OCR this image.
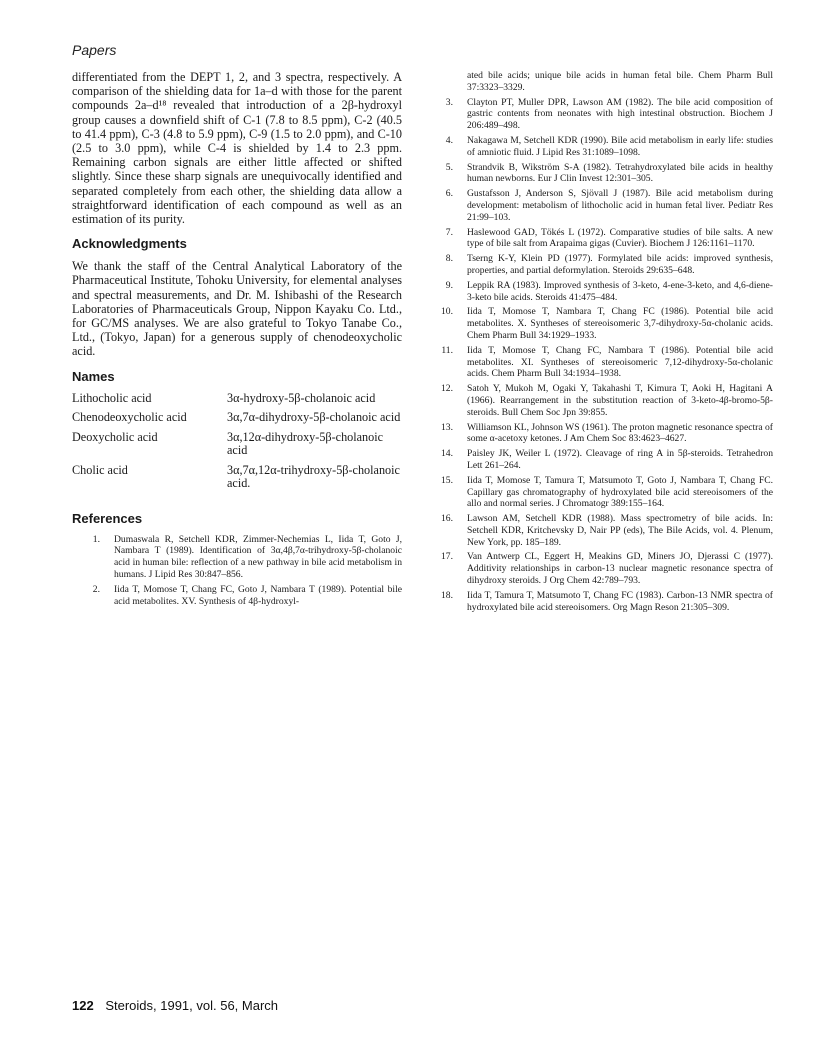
Papers

differentiated from the DEPT 1, 2, and 3 spectra, respectively. A comparison of the shielding data for 1a–d with those for the parent compounds 2a–d¹⁸ revealed that introduction of a 2β-hydroxyl group causes a downfield shift of C-1 (7.8 to 8.5 ppm), C-2 (40.5 to 41.4 ppm), C-3 (4.8 to 5.9 ppm), C-9 (1.5 to 2.0 ppm), and C-10 (2.5 to 3.0 ppm), while C-4 is shielded by 1.4 to 2.3 ppm. Remaining carbon signals are either little affected or shifted slightly. Since these sharp signals are unequivocally identified and separated completely from each other, the shielding data allow a straightforward identification of each compound as well as an estimation of its purity.

Acknowledgments

We thank the staff of the Central Analytical Laboratory of the Pharmaceutical Institute, Tohoku University, for elemental analyses and spectral measurements, and Dr. M. Ishibashi of the Research Laboratories of Pharmaceuticals Group, Nippon Kayaku Co. Ltd., for GC/MS analyses. We are also grateful to Tokyo Tanabe Co., Ltd., (Tokyo, Japan) for a generous supply of chenodeoxycholic acid.

Names
Lithocholic acid	3α-hydroxy-5β-cholanoic acid
Chenodeoxycholic acid	3α,7α-dihydroxy-5β-cholanoic acid
Deoxycholic acid	3α,12α-dihydroxy-5β-cholanoic acid
Cholic acid	3α,7α,12α-trihydroxy-5β-cholanoic acid.
References
1.	Dumaswala R, Setchell KDR, Zimmer-Nechemias L, Iida T, Goto J, Nambara T (1989). Identification of 3α,4β,7α-trihydroxy-5β-cholanoic acid in human bile: reflection of a new pathway in bile acid metabolism in humans. J Lipid Res 30:847–856.
2.	Iida T, Momose T, Chang FC, Goto J, Nambara T (1989). Potential bile acid metabolites. XV. Synthesis of 4β-hydroxyl-
ated bile acids; unique bile acids in human fetal bile. Chem Pharm Bull 37:3323–3329.
3.	Clayton PT, Muller DPR, Lawson AM (1982). The bile acid composition of gastric contents from neonates with high intestinal obstruction. Biochem J 206:489–498.
4.	Nakagawa M, Setchell KDR (1990). Bile acid metabolism in early life: studies of amniotic fluid. J Lipid Res 31:1089–1098.
5.	Strandvik B, Wikström S-A (1982). Tetrahydroxylated bile acids in healthy human newborns. Eur J Clin Invest 12:301–305.
6.	Gustafsson J, Anderson S, Sjövall J (1987). Bile acid metabolism during development: metabolism of lithocholic acid in human fetal liver. Pediatr Res 21:99–103.
7.	Haslewood GAD, Tökés L (1972). Comparative studies of bile salts. A new type of bile salt from Arapaima gigas (Cuvier). Biochem J 126:1161–1170.
8.	Tserng K-Y, Klein PD (1977). Formylated bile acids: improved synthesis, properties, and partial deformylation. Steroids 29:635–648.
9.	Leppik RA (1983). Improved synthesis of 3-keto, 4-ene-3-keto, and 4,6-diene-3-keto bile acids. Steroids 41:475–484.
10.	Iida T, Momose T, Nambara T, Chang FC (1986). Potential bile acid metabolites. X. Syntheses of stereoisomeric 3,7-dihydroxy-5α-cholanic acids. Chem Pharm Bull 34:1929–1933.
11.	Iida T, Momose T, Chang FC, Nambara T (1986). Potential bile acid metabolites. XI. Syntheses of stereoisomeric 7,12-dihydroxy-5α-cholanic acids. Chem Pharm Bull 34:1934–1938.
12.	Satoh Y, Mukoh M, Ogaki Y, Takahashi T, Kimura T, Aoki H, Hagitani A (1966). Rearrangement in the substitution reaction of 3-keto-4β-bromo-5β-steroids. Bull Chem Soc Jpn 39:855.
13.	Williamson KL, Johnson WS (1961). The proton magnetic resonance spectra of some α-acetoxy ketones. J Am Chem Soc 83:4623–4627.
14.	Paisley JK, Weiler L (1972). Cleavage of ring A in 5β-steroids. Tetrahedron Lett 261–264.
15.	Iida T, Momose T, Tamura T, Matsumoto T, Goto J, Nambara T, Chang FC. Capillary gas chromatography of hydroxylated bile acid stereoisomers of the allo and normal series. J Chromatogr 389:155–164.
16.	Lawson AM, Setchell KDR (1988). Mass spectrometry of bile acids. In: Setchell KDR, Kritchevsky D, Nair PP (eds), The Bile Acids, vol. 4. Plenum, New York, pp. 185–189.
17.	Van Antwerp CL, Eggert H, Meakins GD, Miners JO, Djerassi C (1977). Additivity relationships in carbon-13 nuclear magnetic resonance spectra of dihydroxy steroids. J Org Chem 42:789–793.
18.	Iida T, Tamura T, Matsumoto T, Chang FC (1983). Carbon-13 NMR spectra of hydroxylated bile acid stereoisomers. Org Magn Reson 21:305–309.
122 Steroids, 1991, vol. 56, March
